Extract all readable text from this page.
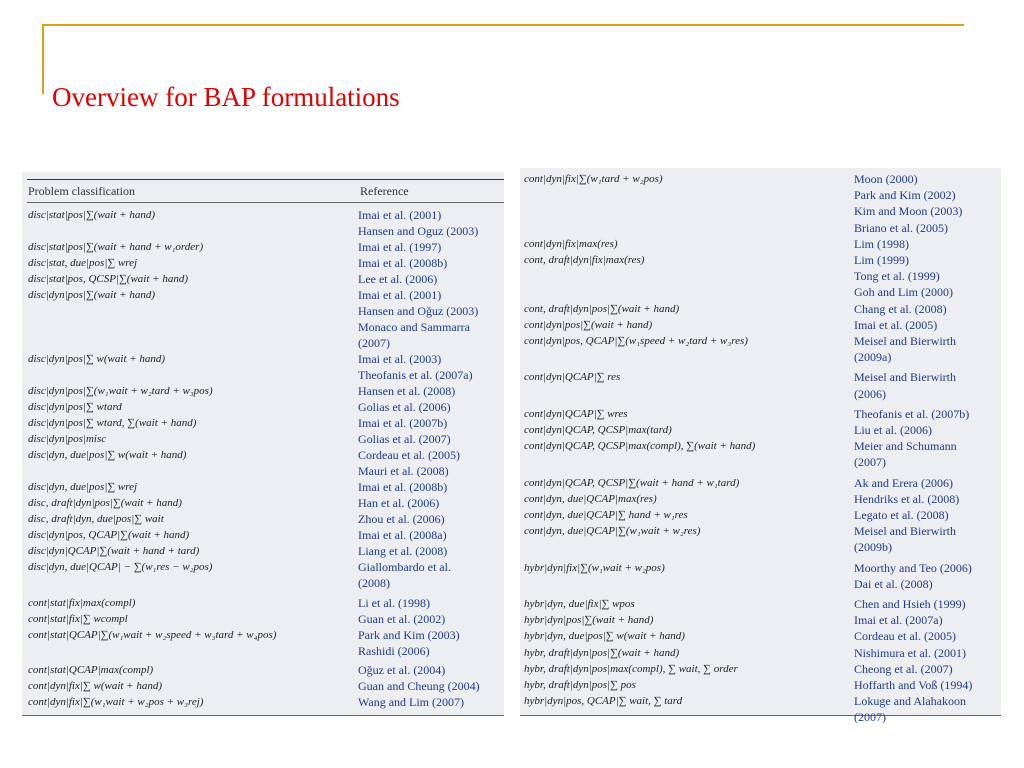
Overview for BAP formulations
Problem classification	Reference
disc|stat|pos|∑(wait + hand)	Imai et al. (2001)
Hansen and Oguz (2003)
disc|stat|pos|∑(wait + hand + w₁order)	Imai et al. (1997)
disc|stat, due|pos|∑ wrej	Imai et al. (2008b)
disc|stat|pos, QCSP|∑(wait + hand)	Lee et al. (2006)
disc|dyn|pos|∑(wait + hand)	Imai et al. (2001)
Hansen and Oğuz (2003)
Monaco and Sammarra
(2007)
disc|dyn|pos|∑ w(wait + hand)	Imai et al. (2003)
Theofanis et al. (2007a)
disc|dyn|pos|∑(w₁wait + w₂tard + w₃pos)	Hansen et al. (2008)
disc|dyn|pos|∑ wtard	Golias et al. (2006)
disc|dyn|pos|∑ wtard, ∑(wait + hand)	Imai et al. (2007b)
disc|dyn|pos|misc	Golias et al. (2007)
disc|dyn, due|pos|∑ w(wait + hand)	Cordeau et al. (2005)
Mauri et al. (2008)
disc|dyn, due|pos|∑ wrej	Imai et al. (2008b)
disc, draft|dyn|pos|∑(wait + hand)	Han et al. (2006)
disc, draft|dyn, due|pos|∑ wait	Zhou et al. (2006)
disc|dyn|pos, QCAP|∑(wait + hand)	Imai et al. (2008a)
disc|dyn|QCAP|∑(wait + hand + tard)	Liang et al. (2008)
disc|dyn, due|QCAP| − ∑(w₁res − w₂pos)	Giallombardo et al.
(2008)
cont|stat|fix|max(compl)	Li et al. (1998)
cont|stat|fix|∑ wcompl	Guan et al. (2002)
cont|stat|QCAP|∑(w₁wait + w₂speed + w₃tard + w₄pos)	Park and Kim (2003)
Rashidi (2006)
cont|stat|QCAP|max(compl)	Oğuz et al. (2004)
cont|dyn|fix|∑ w(wait + hand)	Guan and Cheung (2004)
cont|dyn|fix|∑(w₁wait + w₂pos + w₃rej)	Wang and Lim (2007)
cont|dyn|fix|∑(w₁tard + w₂pos)	Moon (2000)
Park and Kim (2002)
Kim and Moon (2003)
Briano et al. (2005)
cont|dyn|fix|max(res)	Lim (1998)
cont, draft|dyn|fix|max(res)	Lim (1999)
Tong et al. (1999)
Goh and Lim (2000)
cont, draft|dyn|pos|∑(wait + hand)	Chang et al. (2008)
cont|dyn|pos|∑(wait + hand)	Imai et al. (2005)
cont|dyn|pos, QCAP|∑(w₁speed + w₂tard + w₃res)	Meisel and Bierwirth
(2009a)
cont|dyn|QCAP|∑ res	Meisel and Bierwirth
(2006)
cont|dyn|QCAP|∑ wres	Theofanis et al. (2007b)
cont|dyn|QCAP, QCSP|max(tard)	Liu et al. (2006)
cont|dyn|QCAP, QCSP|max(compl), ∑(wait + hand)	Meier and Schumann
(2007)
cont|dyn|QCAP, QCSP|∑(wait + hand + w₁tard)	Ak and Erera (2006)
cont|dyn, due|QCAP|max(res)	Hendriks et al. (2008)
cont|dyn, due|QCAP|∑ hand + w₁res	Legato et al. (2008)
cont|dyn, due|QCAP|∑(w₁wait + w₂res)	Meisel and Bierwirth
(2009b)
hybr|dyn|fix|∑(w₁wait + w₂pos)	Moorthy and Teo (2006)
Dai et al. (2008)
hybr|dyn, due|fix|∑ wpos	Chen and Hsieh (1999)
hybr|dyn|pos|∑(wait + hand)	Imai et al. (2007a)
hybr|dyn, due|pos|∑ w(wait + hand)	Cordeau et al. (2005)
hybr, draft|dyn|pos|∑(wait + hand)	Nishimura et al. (2001)
hybr, draft|dyn|pos|max(compl), ∑ wait, ∑ order	Cheong et al. (2007)
hybr, draft|dyn|pos|∑ pos	Hoffarth and Voß (1994)
hybr|dyn|pos, QCAP|∑ wait, ∑ tard	Lokuge and Alahakoon
(2007)
